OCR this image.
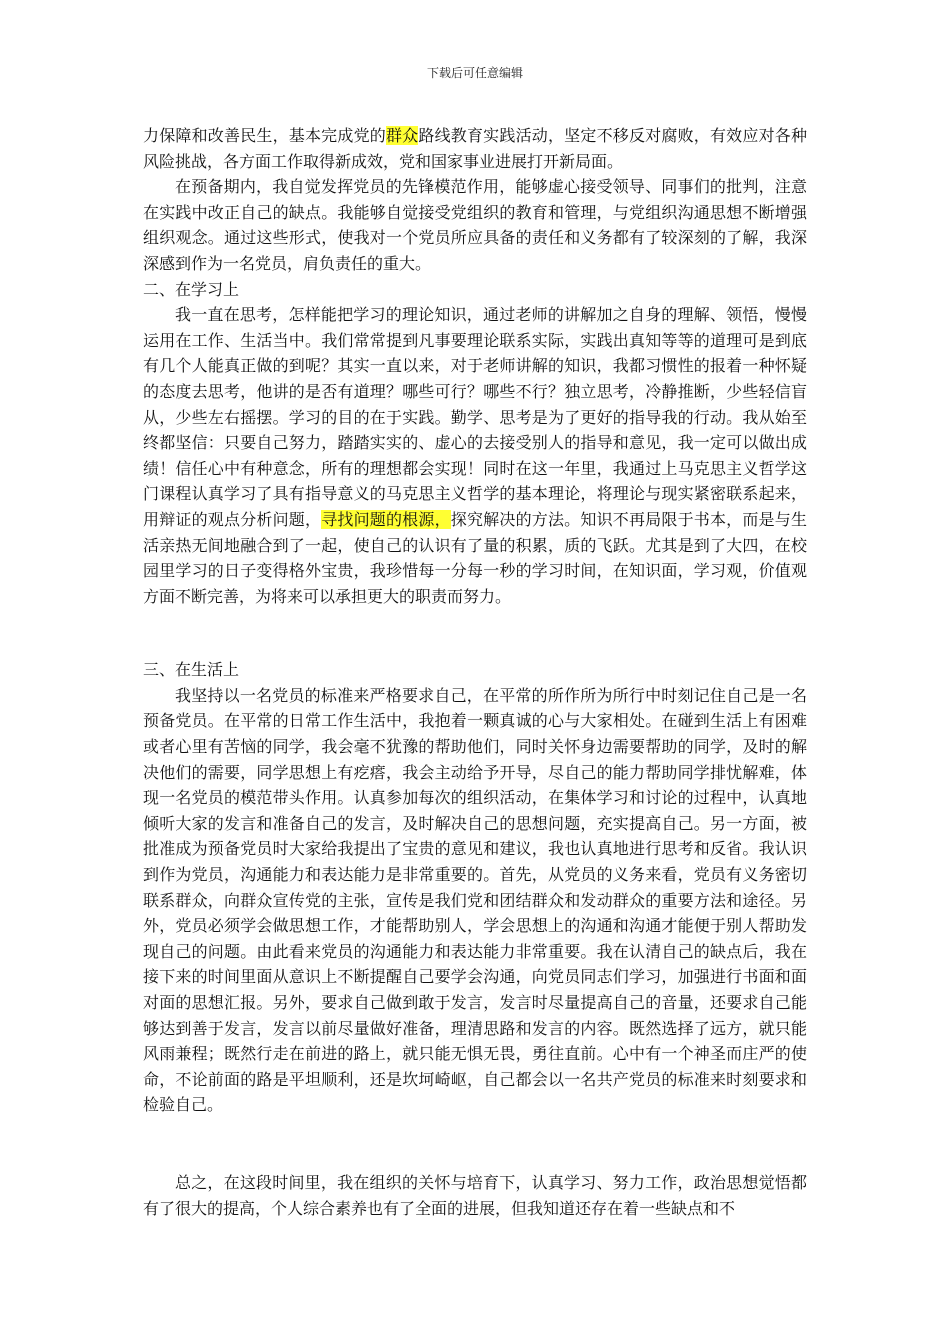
下载后可任意编辑

力保障和改善民生，基本完成党的群众路线教育实践活动，坚定不移反对腐败，有效应对各种风险挑战，各方面工作取得新成效，党和国家事业进展打开新局面。

在预备期内，我自觉发挥党员的先锋模范作用，能够虚心接受领导、同事们的批判，注意在实践中改正自己的缺点。我能够自觉接受党组织的教育和管理，与党组织沟通思想不断增强组织观念。通过这些形式，使我对一个党员所应具备的责任和义务都有了较深刻的了解，我深深感到作为一名党员，肩负责任的重大。

二、在学习上

我一直在思考，怎样能把学习的理论知识，通过老师的讲解加之自身的理解、领悟，慢慢运用在工作、生活当中。我们常常提到凡事要理论联系实际，实践出真知等等的道理可是到底有几个人能真正做的到呢？其实一直以来，对于老师讲解的知识，我都习惯性的报着一种怀疑的态度去思考，他讲的是否有道理？哪些可行？哪些不行？独立思考，冷静推断，少些轻信盲从，少些左右摇摆。学习的目的在于实践。勤学、思考是为了更好的指导我的行动。我从始至终都坚信：只要自己努力，踏踏实实的、虚心的去接受别人的指导和意见，我一定可以做出成绩！信任心中有种意念，所有的理想都会实现！同时在这一年里，我通过上马克思主义哲学这门课程认真学习了具有指导意义的马克思主义哲学的基本理论，将理论与现实紧密联系起来，用辩证的观点分析问题，寻找问题的根源，探究解决的方法。知识不再局限于书本，而是与生活亲热无间地融合到了一起，使自己的认识有了量的积累，质的飞跃。尤其是到了大四，在校园里学习的日子变得格外宝贵，我珍惜每一分每一秒的学习时间，在知识面，学习观，价值观方面不断完善，为将来可以承担更大的职责而努力。

三、在生活上

我坚持以一名党员的标准来严格要求自己，在平常的所作所为所行中时刻记住自己是一名预备党员。在平常的日常工作生活中，我抱着一颗真诚的心与大家相处。在碰到生活上有困难或者心里有苦恼的同学，我会毫不犹豫的帮助他们，同时关怀身边需要帮助的同学，及时的解决他们的需要，同学思想上有疙瘩，我会主动给予开导，尽自己的能力帮助同学排忧解难，体现一名党员的模范带头作用。认真参加每次的组织活动，在集体学习和讨论的过程中，认真地倾听大家的发言和准备自己的发言，及时解决自己的思想问题，充实提高自己。另一方面，被批准成为预备党员时大家给我提出了宝贵的意见和建议，我也认真地进行思考和反省。我认识到作为党员，沟通能力和表达能力是非常重要的。首先，从党员的义务来看，党员有义务密切联系群众，向群众宣传党的主张，宣传是我们党和团结群众和发动群众的重要方法和途径。另外，党员必须学会做思想工作，才能帮助别人，学会思想上的沟通和沟通才能便于别人帮助发现自己的问题。由此看来党员的沟通能力和表达能力非常重要。我在认清自己的缺点后，我在接下来的时间里面从意识上不断提醒自己要学会沟通，向党员同志们学习，加强进行书面和面对面的思想汇报。另外，要求自己做到敢于发言，发言时尽量提高自己的音量，还要求自己能够达到善于发言，发言以前尽量做好准备，理清思路和发言的内容。既然选择了远方，就只能风雨兼程；既然行走在前进的路上，就只能无惧无畏，勇往直前。心中有一个神圣而庄严的使命，不论前面的路是平坦顺利，还是坎坷崎岖，自己都会以一名共产党员的标准来时刻要求和检验自己。

总之，在这段时间里，我在组织的关怀与培育下，认真学习、努力工作，政治思想觉悟都有了很大的提高，个人综合素养也有了全面的进展，但我知道还存在着一些缺点和不
